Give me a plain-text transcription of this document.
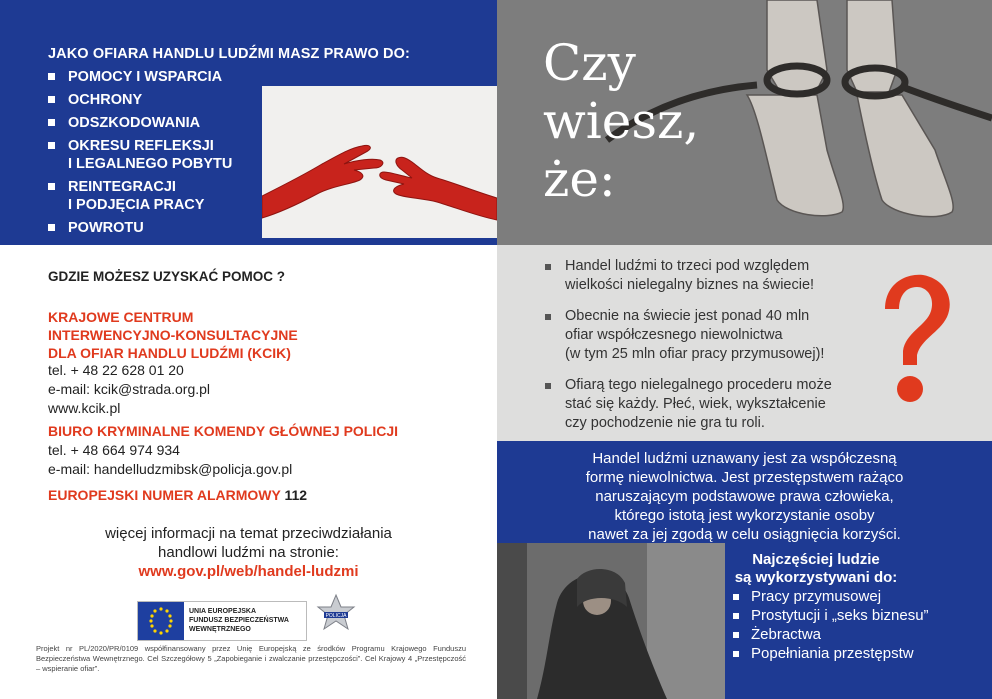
JAKO OFIARA HANDLU LUDŹMI MASZ PRAWO DO:
POMOCY I WSPARCIA
OCHRONY
ODSZKODOWANIA
OKRESU REFLEKSJI
I LEGALNEGO POBYTU
REINTEGRACJI
I PODJĘCIA PRACY
POWROTU
Czy
wiesz,
że:
GDZIE MOŻESZ UZYSKAĆ POMOC ?
KRAJOWE CENTRUM
INTERWENCYJNO-KONSULTACYJNE
DLA OFIAR HANDLU LUDŹMI (KCIK)
tel. + 48 22 628 01 20
e-mail: kcik@strada.org.pl
www.kcik.pl
BIURO KRYMINALNE KOMENDY GŁÓWNEJ POLICJI
tel. + 48 664 974 934
e-mail: handelludzmibsk@policja.gov.pl
EUROPEJSKI NUMER ALARMOWY 112
więcej informacji na temat przeciwdziałania
handlowi ludźmi na stronie:
www.gov.pl/web/handel-ludzmi
UNIA EUROPEJSKA
FUNDUSZ BEZPIECZEŃSTWA
WEWNĘTRZNEGO
POLICJA
Projekt nr PL/2020/PR/0109 współfinansowany przez Unię Europejską ze środków Programu Krajowego Funduszu Bezpieczeństwa Wewnętrznego. Cel Szczegółowy 5 „Zapobieganie i zwalczanie przestępczości”. Cel Krajowy 4 „Przestępczość – wspieranie ofiar”.
Handel ludźmi to trzeci pod względem
wielkości nielegalny biznes na świecie!
Obecnie na świecie jest ponad 40 mln
ofiar współczesnego niewolnictwa
(w tym 25 mln ofiar pracy przymusowej)!
Ofiarą tego nielegalnego procederu może
stać się każdy. Płeć, wiek, wykształcenie
czy pochodzenie nie gra tu roli.
Handel ludźmi uznawany jest za współczesną
formę niewolnictwa. Jest przestępstwem rażąco
naruszającym podstawowe prawa człowieka,
którego istotą jest wykorzystanie osoby
nawet za jej zgodą w celu osiągnięcia korzyści.
Najczęściej ludzie
są wykorzystywani do:
Pracy przymusowej
Prostytucji i „seks biznesu”
Żebractwa
Popełniania przestępstw
